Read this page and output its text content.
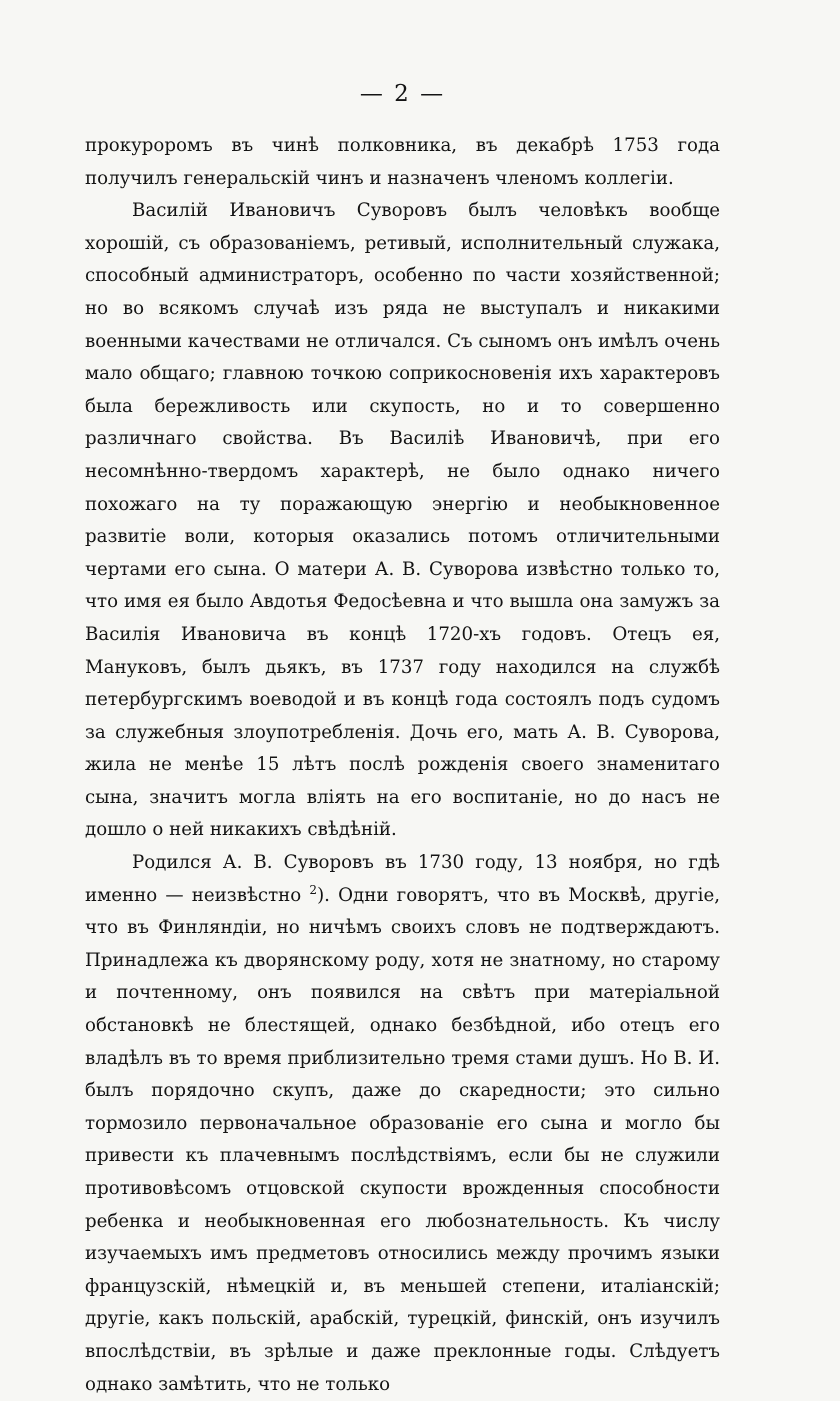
— 2 —

прокуроромъ въ чинѣ полковника, въ декабрѣ 1753 года получилъ генеральскій чинъ и назначенъ членомъ коллегіи.

Василій Ивановичъ Суворовъ былъ человѣкъ вообще хорошій, съ образованіемъ, ретивый, исполнительный служака, способный администраторъ, особенно по части хозяйственной; но во всякомъ случаѣ изъ ряда не выступалъ и никакими военными качествами не отличался. Съ сыномъ онъ имѣлъ очень мало общаго; главною точкою соприкосновенія ихъ характеровъ была бережливость или скупость, но и то совершенно различнаго свойства. Въ Василіѣ Ивановичѣ, при его несомнѣнно-твердомъ характерѣ, не было однако ничего похожаго на ту поражающую энергію и необыкновенное развитіе воли, которыя оказались потомъ отличительными чертами его сына. О матери А. В. Суворова извѣстно только то, что имя ея было Авдотья Федосѣевна и что вышла она замужъ за Василія Ивановича въ концѣ 1720-хъ годовъ. Отецъ ея, Мануковъ, былъ дьякъ, въ 1737 году находился на службѣ петербургскимъ воеводой и въ концѣ года состоялъ подъ судомъ за служебныя злоупотребленія. Дочь его, мать А. В. Суворова, жила не менѣе 15 лѣтъ послѣ рожденія своего знаменитаго сына, значитъ могла вліять на его воспитаніе, но до насъ не дошло о ней никакихъ свѣдѣній.

Родился А. В. Суворовъ въ 1730 году, 13 ноября, но гдѣ именно — неизвѣстно $^2$). Одни говорятъ, что въ Москвѣ, другіе, что въ Финляндіи, но ничѣмъ своихъ словъ не подтверждаютъ. Принадлежа къ дворянскому роду, хотя не знатному, но старому и почтенному, онъ появился на свѣтъ при матеріальной обстановкѣ не блестящей, однако безбѣдной, ибо отецъ его владѣлъ въ то время приблизительно тремя стами душъ. Но В. И. былъ порядочно скупъ, даже до скаредности; это сильно тормозило первоначальное образованіе его сына и могло бы привести къ плачевнымъ послѣдствіямъ, если бы не служили противовѣсомъ отцовской скупости врожденныя способности ребенка и необыкновенная его любознательность. Къ числу изучаемыхъ имъ предметовъ относились между прочимъ языки французскій, нѣмецкій и, въ меньшей степени, италіанскій; другіе, какъ польскій, арабскій, турецкій, финскій, онъ изучилъ впослѣдствіи, въ зрѣлые и даже преклонные годы. Слѣдуетъ однако замѣтить, что не только
